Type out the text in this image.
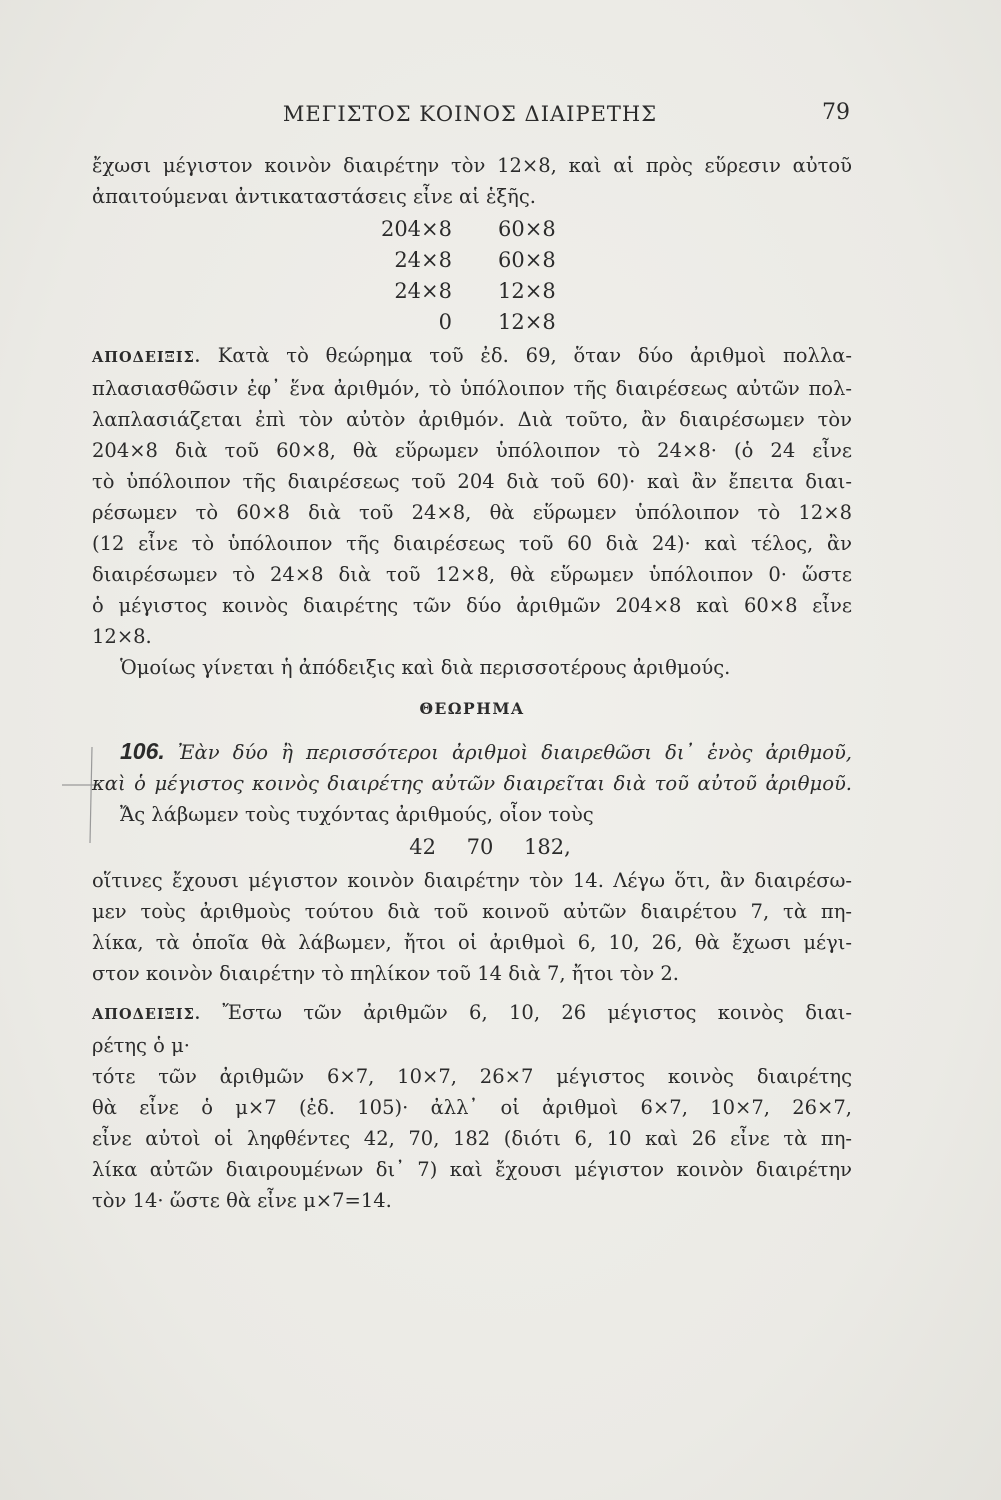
ΜΕΓΙΣΤΟΣ ΚΟΙΝΟΣ ΔΙΑΙΡΕΤΗΣ	79

ἔχωσι μέγιστον κοινὸν διαιρέτην τὸν 12×8, καὶ αἱ πρὸς εὕρεσιν αὐτοῦ
ἀπαιτούμεναι ἀντικαταστάσεις εἶνε αἱ ἑξῆς.

204×8	60×8
24×8	60×8
24×8	12×8
0	12×8

ΑΠΟΔΕΙΞΙΣ. Κατὰ τὸ θεώρημα τοῦ ἐδ. 69, ὅταν δύο ἀριθμοὶ πολλα-
πλασιασθῶσιν ἐφ᾿ ἕνα ἀριθμόν, τὸ ὑπόλοιπον τῆς διαιρέσεως αὐτῶν πολ-
λαπλασιάζεται ἐπὶ τὸν αὐτὸν ἀριθμόν. Διὰ τοῦτο, ἂν διαιρέσωμεν τὸν
204×8 διὰ τοῦ 60×8, θὰ εὕρωμεν ὑπόλοιπον τὸ 24×8· (ὁ 24 εἶνε
τὸ ὑπόλοιπον τῆς διαιρέσεως τοῦ 204 διὰ τοῦ 60)· καὶ ἂν ἔπειτα διαι-
ρέσωμεν τὸ 60×8 διὰ τοῦ 24×8, θὰ εὕρωμεν ὑπόλοιπον τὸ 12×8
(12 εἶνε τὸ ὑπόλοιπον τῆς διαιρέσεως τοῦ 60 διὰ 24)· καὶ τέλος, ἂν
διαιρέσωμεν τὸ 24×8 διὰ τοῦ 12×8, θὰ εὕρωμεν ὑπόλοιπον 0· ὥστε
ὁ μέγιστος κοινὸς διαιρέτης τῶν δύο ἀριθμῶν 204×8 καὶ 60×8 εἶνε
12×8.
Ὁμοίως γίνεται ἡ ἀπόδειξις καὶ διὰ περισσοτέρους ἀριθμούς.

ΘΕΩΡΗΜΑ

106. Ἐὰν δύο ἢ περισσότεροι ἀριθμοὶ διαιρεθῶσι δι᾿ ἑνὸς ἀριθμοῦ,
καὶ ὁ μέγιστος κοινὸς διαιρέτης αὐτῶν διαιρεῖται διὰ τοῦ αὐτοῦ ἀριθμοῦ.
Ἄς λάβωμεν τοὺς τυχόντας ἀριθμούς, οἷον τοὺς

42 70 182,

οἵτινες ἔχουσι μέγιστον κοινὸν διαιρέτην τὸν 14. Λέγω ὅτι, ἂν διαιρέσω-
μεν τοὺς ἀριθμοὺς τούτου διὰ τοῦ κοινοῦ αὐτῶν διαιρέτου 7, τὰ πη-
λίκα, τὰ ὁποῖα θὰ λάβωμεν, ἤτοι οἱ ἀριθμοὶ 6, 10, 26, θὰ ἔχωσι μέγι-
στον κοινὸν διαιρέτην τὸ πηλίκον τοῦ 14 διὰ 7, ἤτοι τὸν 2.

ΑΠΟΔΕΙΞΙΣ. Ἔστω τῶν ἀριθμῶν 6, 10, 26 μέγιστος κοινὸς διαι-
ρέτης ὁ μ·
τότε τῶν ἀριθμῶν 6×7, 10×7, 26×7 μέγιστος κοινὸς διαιρέτης
θὰ εἶνε ὁ μ×7 (ἐδ. 105)· ἀλλ᾿ οἱ ἀριθμοὶ 6×7, 10×7, 26×7,
εἶνε αὐτοὶ οἱ ληφθέντες 42, 70, 182 (διότι 6, 10 καὶ 26 εἶνε τὰ πη-
λίκα αὐτῶν διαιρουμένων δι᾿ 7) καὶ ἔχουσι μέγιστον κοινὸν διαιρέτην
τὸν 14· ὥστε θὰ εἶνε μ×7=14.
